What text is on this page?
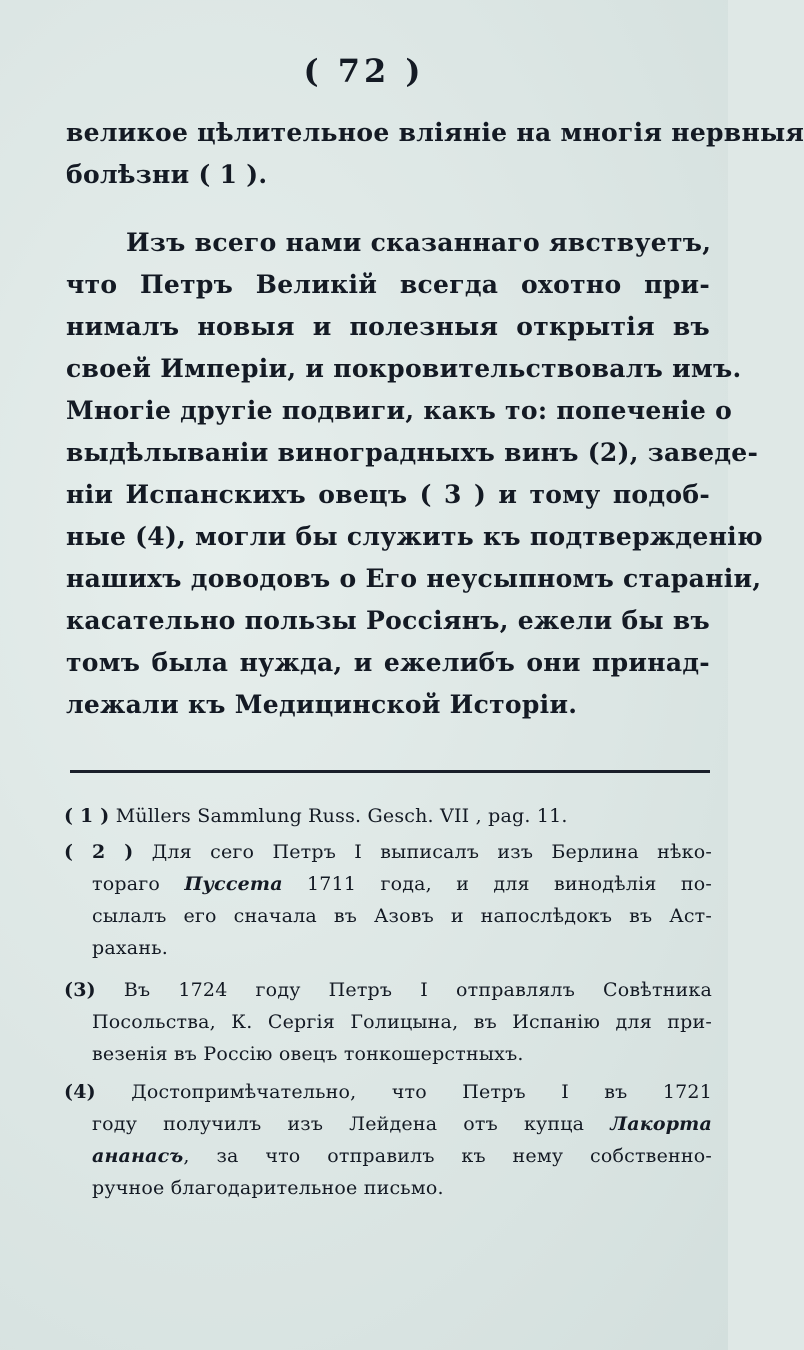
( 72 )
великое цѣлительное вліяніе на многія нервныя
болѣзни ( 1 ).
Изъ всего нами сказаннаго явствуетъ,
что Петръ Великій всегда охотно при-
нималъ новыя и полезныя открытія въ
своей Имперіи, и покровительствовалъ имъ.
Многіе другіе подвиги, какъ то: попеченіе о
выдѣлываніи виноградныхъ винъ (2), заведе-
ніи Испанскихъ овецъ ( 3 ) и тому подоб-
ные (4), могли бы служить къ подтвержденію
нашихъ доводовъ о Его неусыпномъ стараніи,
касательно пользы Россіянъ, ежели бы въ
томъ была нужда, и ежелибъ они принад-
лежали къ Медицинской Исторіи.
( 1 ) Müllers Sammlung Russ. Gesch. VII , pag. 11.
( 2 ) Для сего Петръ I выписалъ изъ Берлина нѣко-
тораго Пуссета 1711 года, и для винодѣлія по-
сылалъ его сначала въ Азовъ и напослѣдокъ въ Аст-
рахань.
(3) Въ 1724 году Петръ I отправлялъ Совѣтника
Посольства, К. Сергія Голицына, въ Испанію для при-
везенія въ Россію овецъ тонкошерстныхъ.
(4) Достопримѣчательно, что Петръ I въ 1721
году получилъ изъ Лейдена отъ купца Лакорта
ананасъ, за что отправилъ къ нему собственно-
ручное благодарительное письмо.
